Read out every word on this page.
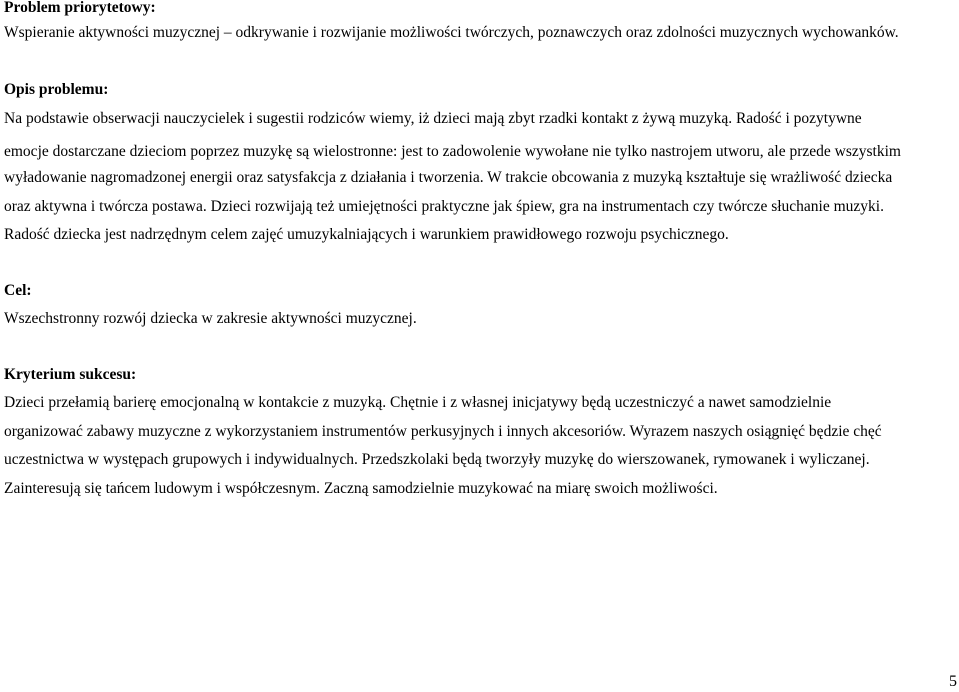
Problem priorytetowy:
Wspieranie aktywności muzycznej – odkrywanie i rozwijanie możliwości twórczych, poznawczych oraz zdolności muzycznych wychowanków.
Opis problemu:
Na podstawie obserwacji nauczycielek i sugestii rodziców wiemy, iż dzieci mają zbyt rzadki kontakt z żywą muzyką. Radość i pozytywne
emocje dostarczane dzieciom poprzez muzykę są wielostronne: jest to zadowolenie wywołane nie tylko nastrojem utworu, ale przede wszystkim
wyładowanie nagromadzonej energii oraz satysfakcja z działania i tworzenia. W trakcie obcowania z muzyką kształtuje się wrażliwość dziecka
oraz aktywna i twórcza postawa. Dzieci rozwijają też umiejętności praktyczne jak śpiew, gra na instrumentach czy twórcze słuchanie muzyki.
Radość dziecka jest nadrzędnym celem zajęć umuzykalniających i warunkiem prawidłowego rozwoju psychicznego.
Cel:
Wszechstronny rozwój dziecka w zakresie aktywności muzycznej.
Kryterium sukcesu:
Dzieci przełamią barierę emocjonalną w kontakcie z muzyką. Chętnie i z własnej inicjatywy będą uczestniczyć a nawet samodzielnie
organizować zabawy muzyczne z wykorzystaniem instrumentów perkusyjnych i innych akcesoriów. Wyrazem naszych osiągnięć będzie chęć
uczestnictwa w występach grupowych i indywidualnych. Przedszkolaki będą tworzyły muzykę do wierszowanek, rymowanek i wyliczanej.
Zainteresują się tańcem ludowym i współczesnym. Zaczną samodzielnie muzykować na miarę swoich możliwości.
5
